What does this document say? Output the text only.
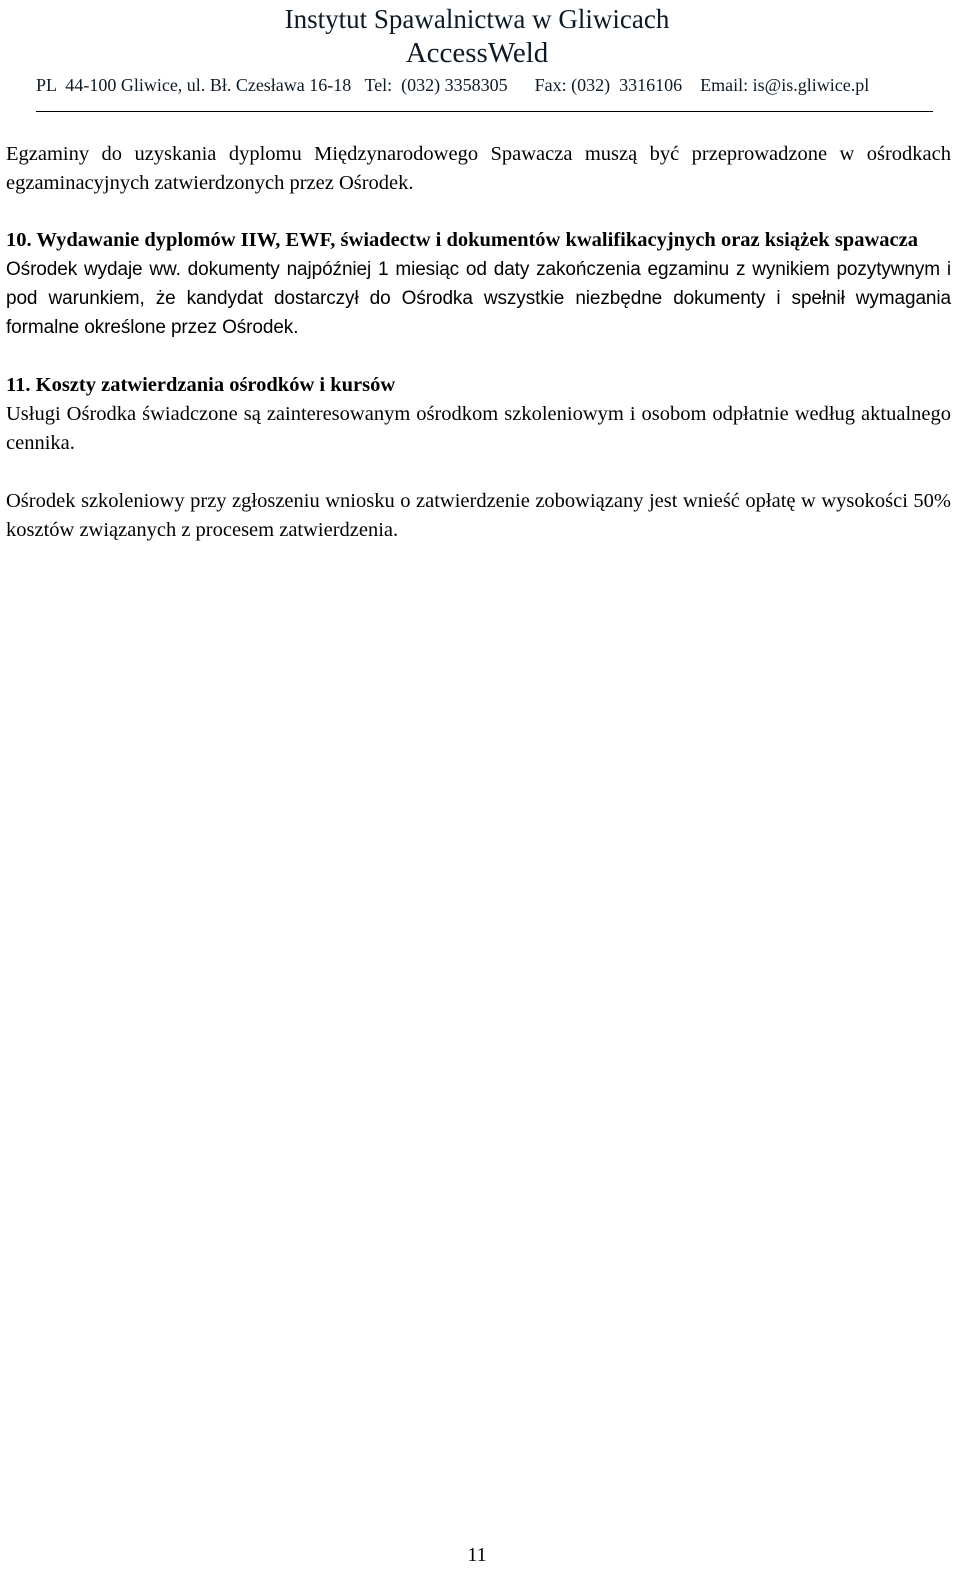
Instytut Spawalnictwa w Gliwicach
AccessWeld
PL  44-100 Gliwice, ul. Bł. Czesława 16-18   Tel:  (032) 3358305      Fax: (032)  3316106    Email: is@is.gliwice.pl

Egzaminy do uzyskania dyplomu Międzynarodowego Spawacza muszą być przeprowadzone w ośrodkach egzaminacyjnych zatwierdzonych przez Ośrodek.

10. Wydawanie dyplomów IIW, EWF, świadectw i dokumentów kwalifikacyjnych oraz książek spawacza

Ośrodek wydaje ww. dokumenty najpóźniej 1 miesiąc od daty zakończenia egzaminu z wynikiem pozytywnym i pod warunkiem, że kandydat dostarczył do Ośrodka wszystkie niezbędne dokumenty i spełnił wymagania formalne określone przez Ośrodek.

11. Koszty zatwierdzania ośrodków i kursów

Usługi Ośrodka świadczone są zainteresowanym ośrodkom szkoleniowym i osobom odpłatnie według aktualnego cennika.

Ośrodek szkoleniowy przy zgłoszeniu wniosku o zatwierdzenie zobowiązany jest wnieść opłatę w wysokości 50% kosztów związanych z procesem zatwierdzenia.

11
